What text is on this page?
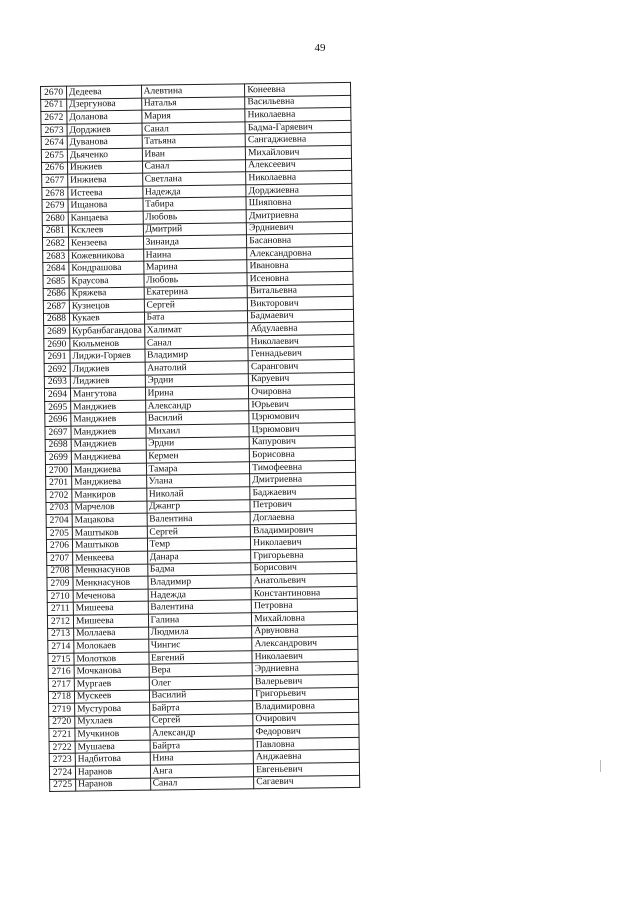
49
2670	Дедеева	Алевтина	Конеевна
2671	Дзергунова	Наталья	Васильевна
2672	Доланова	Мария	Николаевна
2673	Дорджиев	Санал	Бадма-Гаряевич
2674	Дуванова	Татьяна	Сангаджиевна
2675	Дьяченко	Иван	Михайлович
2676	Инжиев	Санал	Алексеевич
2677	Инжиева	Светлана	Николаевна
2678	Истеева	Надежда	Дорджиевна
2679	Ищанова	Табира	Шияповна
2680	Канцаева	Любовь	Дмитриевна
2681	Ксклеев	Дмитрий	Эрдниевич
2682	Кензеева	Зинаида	Басановна
2683	Кожевникова	Наина	Александровна
2684	Кондрашова	Марина	Ивановна
2685	Краусова	Любовь	Исеновна
2686	Кряжева	Екатерина	Витальевна
2687	Кузнецов	Сергей	Викторович
2688	Кукаев	Бата	Бадмаевич
2689	Курбанбагандова	Халимат	Абдулаевна
2690	Кюльменов	Санал	Николаевич
2691	Лиджи-Горяев	Владимир	Геннадьевич
2692	Лиджиев	Анатолий	Сарангович
2693	Лиджиев	Эрдни	Каруевич
2694	Мангутова	Ирина	Очировна
2695	Манджиев	Александр	Юрьевич
2696	Манджиев	Василий	Цэрюмович
2697	Манджиев	Михаил	Цэрюмович
2698	Манджиев	Эрдни	Капурович
2699	Манджиева	Кермен	Борисовна
2700	Манджиева	Тамара	Тимофеевна
2701	Манджиева	Улана	Дмитриевна
2702	Манкиров	Николай	Баджаевич
2703	Марчелов	Джангр	Петрович
2704	Мацакова	Валентина	Доглаевна
2705	Маштыков	Сергей	Владимирович
2706	Маштыков	Темр	Николаевич
2707	Менкеева	Данара	Григорьевна
2708	Менкнасунов	Бадма	Борисович
2709	Менкнасунов	Владимир	Анатольевич
2710	Меченова	Надежда	Константиновна
2711	Мишеева	Валентина	Петровна
2712	Мишеева	Галина	Михайловна
2713	Моллаева	Людмила	Арвуновна
2714	Молокаев	Чингис	Александрович
2715	Молотков	Евгений	Николаевич
2716	Мочканова	Вера	Эрдниевна
2717	Мургаев	Олег	Валерьевич
2718	Мускеев	Василий	Григорьевич
2719	Мустурова	Байрта	Владимировна
2720	Мухлаев	Сергей	Очирович
2721	Мучкинов	Александр	Федорович
2722	Мушаева	Байрта	Павловна
2723	Надбитова	Нина	Анджаевна
2724	Наранов	Анга	Евгеньевич
2725	Наранов	Санал	Сагаевич
